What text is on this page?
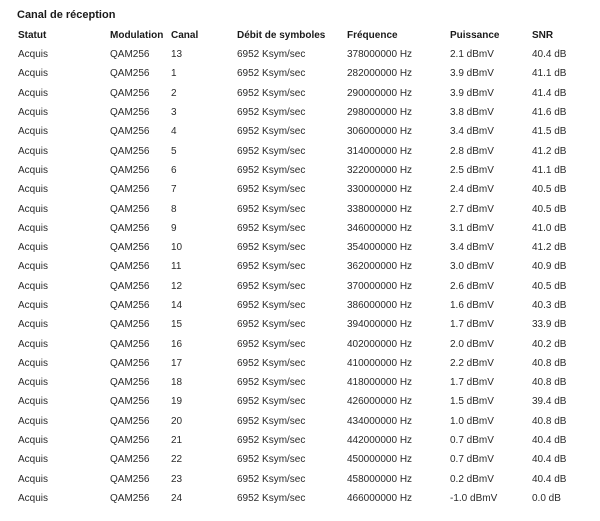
Canal de réception
Statut	Modulation	Canal	Débit de symboles	Fréquence	Puissance	SNR
Acquis	QAM256	13	6952 Ksym/sec	378000000 Hz	2.1 dBmV	40.4 dB
Acquis	QAM256	1	6952 Ksym/sec	282000000 Hz	3.9 dBmV	41.1 dB
Acquis	QAM256	2	6952 Ksym/sec	290000000 Hz	3.9 dBmV	41.4 dB
Acquis	QAM256	3	6952 Ksym/sec	298000000 Hz	3.8 dBmV	41.6 dB
Acquis	QAM256	4	6952 Ksym/sec	306000000 Hz	3.4 dBmV	41.5 dB
Acquis	QAM256	5	6952 Ksym/sec	314000000 Hz	2.8 dBmV	41.2 dB
Acquis	QAM256	6	6952 Ksym/sec	322000000 Hz	2.5 dBmV	41.1 dB
Acquis	QAM256	7	6952 Ksym/sec	330000000 Hz	2.4 dBmV	40.5 dB
Acquis	QAM256	8	6952 Ksym/sec	338000000 Hz	2.7 dBmV	40.5 dB
Acquis	QAM256	9	6952 Ksym/sec	346000000 Hz	3.1 dBmV	41.0 dB
Acquis	QAM256	10	6952 Ksym/sec	354000000 Hz	3.4 dBmV	41.2 dB
Acquis	QAM256	11	6952 Ksym/sec	362000000 Hz	3.0 dBmV	40.9 dB
Acquis	QAM256	12	6952 Ksym/sec	370000000 Hz	2.6 dBmV	40.5 dB
Acquis	QAM256	14	6952 Ksym/sec	386000000 Hz	1.6 dBmV	40.3 dB
Acquis	QAM256	15	6952 Ksym/sec	394000000 Hz	1.7 dBmV	33.9 dB
Acquis	QAM256	16	6952 Ksym/sec	402000000 Hz	2.0 dBmV	40.2 dB
Acquis	QAM256	17	6952 Ksym/sec	410000000 Hz	2.2 dBmV	40.8 dB
Acquis	QAM256	18	6952 Ksym/sec	418000000 Hz	1.7 dBmV	40.8 dB
Acquis	QAM256	19	6952 Ksym/sec	426000000 Hz	1.5 dBmV	39.4 dB
Acquis	QAM256	20	6952 Ksym/sec	434000000 Hz	1.0 dBmV	40.8 dB
Acquis	QAM256	21	6952 Ksym/sec	442000000 Hz	0.7 dBmV	40.4 dB
Acquis	QAM256	22	6952 Ksym/sec	450000000 Hz	0.7 dBmV	40.4 dB
Acquis	QAM256	23	6952 Ksym/sec	458000000 Hz	0.2 dBmV	40.4 dB
Acquis	QAM256	24	6952 Ksym/sec	466000000 Hz	-1.0 dBmV	0.0 dB
